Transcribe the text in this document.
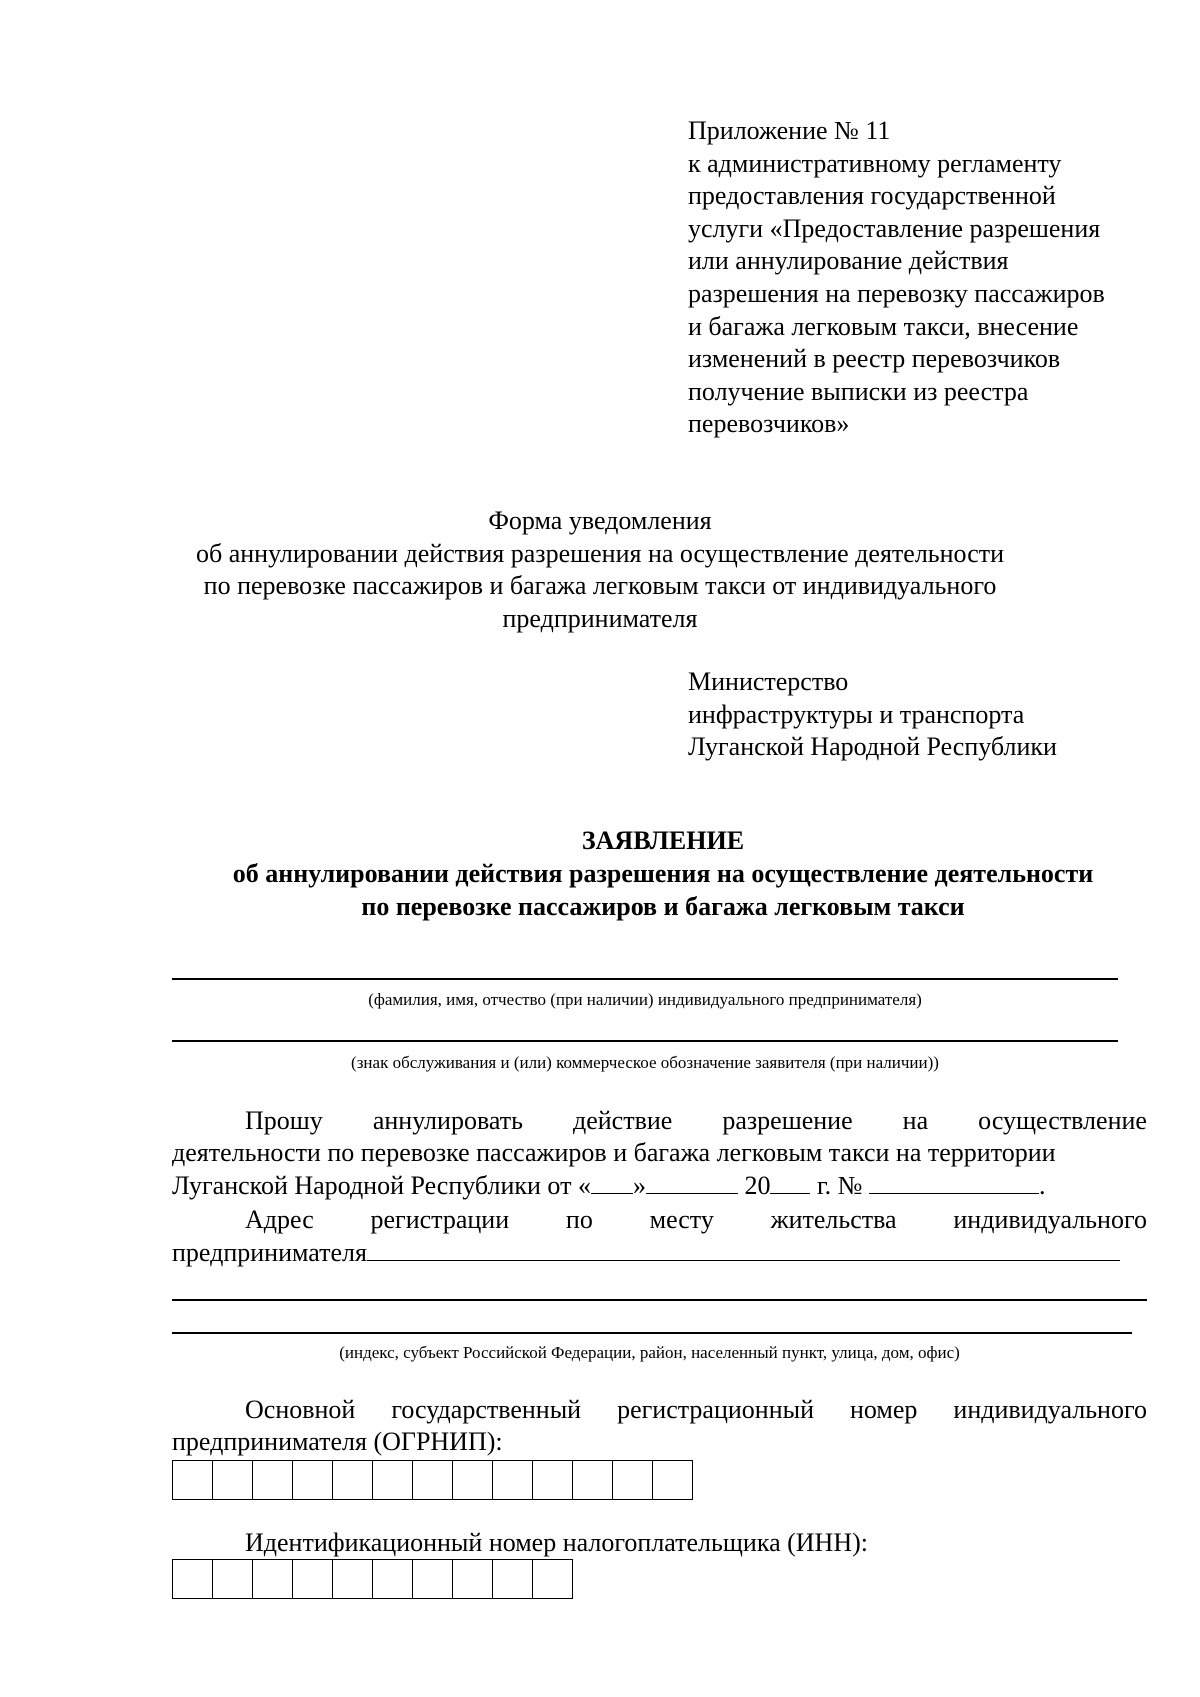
Приложение № 11
к административному регламенту
предоставления государственной
услуги «Предоставление разрешения
или аннулирование действия
разрешения на перевозку пассажиров
и багажа легковым такси, внесение
изменений в реестр перевозчиков
получение выписки из реестра
перевозчиков»
Форма уведомления
об аннулировании действия разрешения на осуществление деятельности
по перевозке пассажиров и багажа легковым такси от индивидуального
предпринимателя
Министерство
инфраструктуры и транспорта
Луганской Народной Республики
ЗАЯВЛЕНИЕ
об аннулировании действия разрешения на осуществление деятельности
по перевозке пассажиров и багажа легковым такси
(фамилия, имя, отчество (при наличии) индивидуального предпринимателя)
(знак обслуживания и (или) коммерческое обозначение заявителя (при наличии))
Прошу аннулировать действие разрешение на осуществление
деятельности по перевозке пассажиров и багажа легковым такси на территории
Луганской Народной Республики от « »	20 г. №	.
Адрес регистрации по месту жительства индивидуального
предпринимателя
(индекс, субъект Российской Федерации, район, населенный пункт, улица, дом, офис)
Основной государственный регистрационный номер индивидуального
предпринимателя (ОГРНИП):
Идентификационный номер налогоплательщика (ИНН):
